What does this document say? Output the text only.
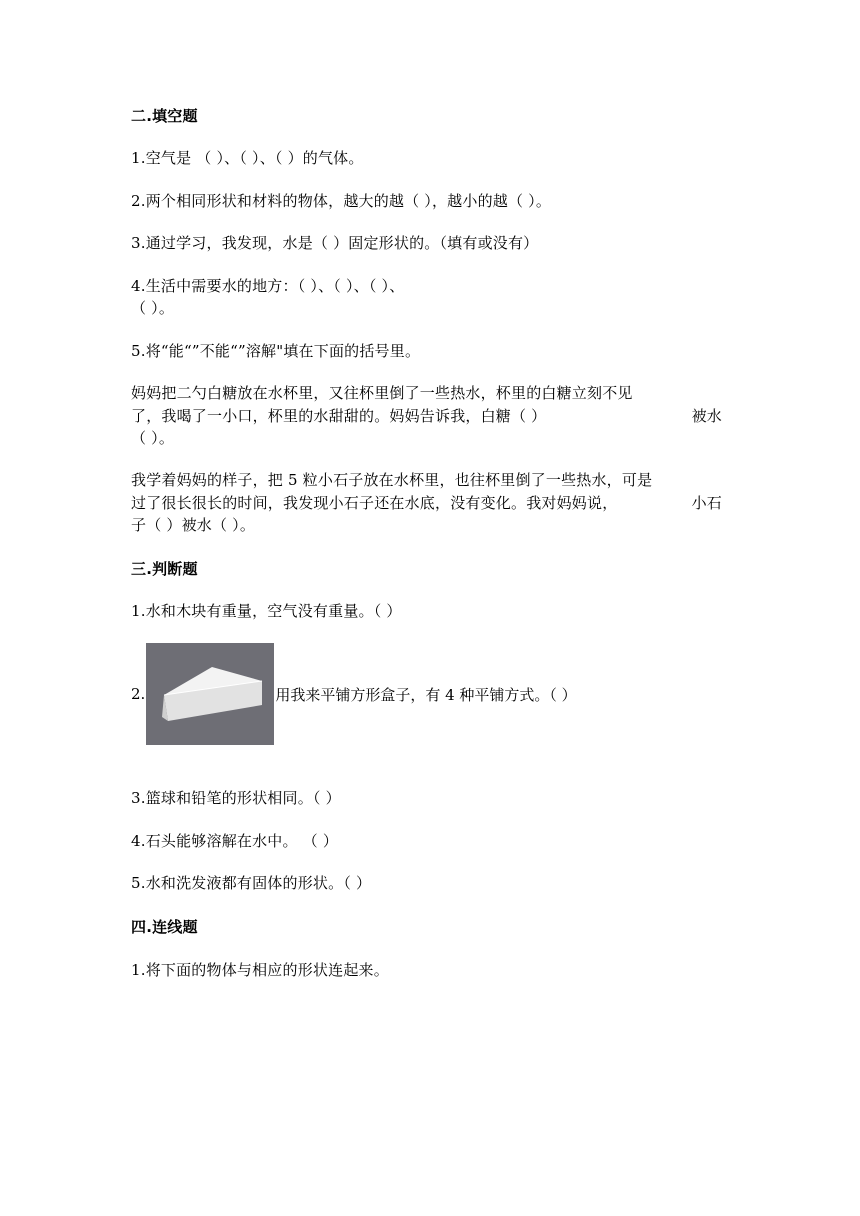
二.填空题
1.空气是 （ ）、（ ）、（ ）的气体。
2.两个相同形状和材料的物体，越大的越（ ），越小的越（ ）。
3.通过学习，我发现，水是（ ）固定形状的。（填有或没有）
4.生活中需要水的地方：（ ）、（ ）、（ ）、
（ ）。
5.将“能“”不能“”溶解"填在下面的括号里。
妈妈把二勺白糖放在水杯里，又往杯里倒了一些热水，杯里的白糖立刻不见
了，我喝了一小口，杯里的水甜甜的。妈妈告诉我，白糖（ ）	被水
（ ）。
我学着妈妈的样子，把 5 粒小石子放在水杯里，也往杯里倒了一些热水，可是
过了很长很长的时间，我发现小石子还在水底，没有变化。我对妈妈说，	小石
子（ ）被水（ ）。
三.判断题
1.水和木块有重量，空气没有重量。（ ）
2.	用我来平铺方形盒子，有 4 种平铺方式。（ ）
3.篮球和铅笔的形状相同。（ ）
4.石头能够溶解在水中。 （ ）
5.水和洗发液都有固体的形状。（ ）
四.连线题
1.将下面的物体与相应的形状连起来。
